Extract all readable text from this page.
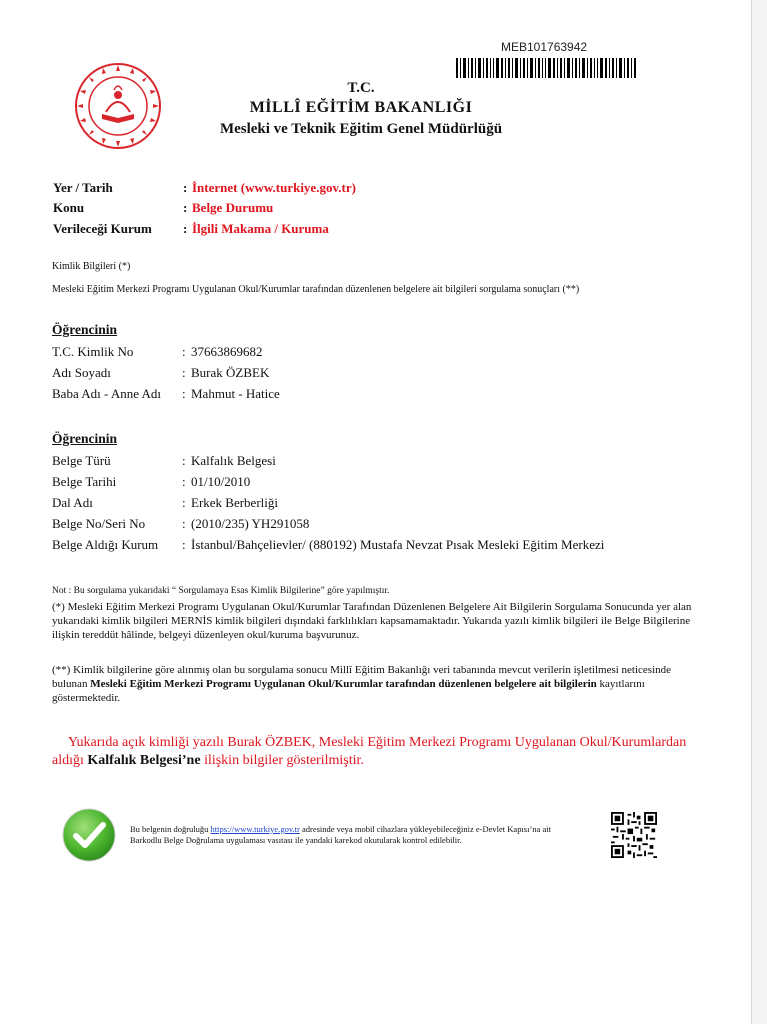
MEB101763942
T.C.
MİLLÎ EĞİTİM BAKANLIĞI
Mesleki ve Teknik Eğitim Genel Müdürlüğü
Yer / Tarih	: İnternet (www.turkiye.gov.tr)
Konu	: Belge Durumu
Verileceği Kurum	: İlgili Makama / Kuruma
Kimlik Bilgileri (*)
Mesleki Eğitim Merkezi Programı Uygulanan Okul/Kurumlar tarafından düzenlenen belgelere ait bilgileri sorgulama sonuçları (**)
Öğrencinin
T.C. Kimlik No	: 37663869682
Adı Soyadı	: Burak ÖZBEK
Baba Adı - Anne Adı	: Mahmut - Hatice
Öğrencinin
Belge Türü	: Kalfalık Belgesi
Belge Tarihi	: 01/10/2010
Dal Adı	: Erkek Berberliği
Belge No/Seri No	: (2010/235) YH291058
Belge Aldığı Kurum	: İstanbul/Bahçelievler/ (880192) Mustafa Nevzat Pısak Mesleki Eğitim Merkezi
Not : Bu sorgulama yukarıdaki “ Sorgulamaya Esas Kimlik Bilgilerine” göre yapılmıştır.
(*) Mesleki Eğitim Merkezi Programı Uygulanan Okul/Kurumlar Tarafından Düzenlenen Belgelere Ait Bilgilerin Sorgulama Sonucunda yer alan yukarıdaki kimlik bilgileri MERNİS kimlik bilgileri dışındaki farklılıkları kapsamamaktadır. Yukarıda yazılı kimlik bilgileri ile Belge Bilgilerine ilişkin tereddüt hâlinde, belgeyi düzenleyen okul/kuruma başvurunuz.
(**) Kimlik bilgilerine göre alınmış olan bu sorgulama sonucu Millî Eğitim Bakanlığı veri tabanında mevcut verilerin işletilmesi neticesinde bulunan Mesleki Eğitim Merkezi Programı Uygulanan Okul/Kurumlar tarafından düzenlenen belgelere ait bilgilerin kayıtlarını göstermektedir.
Yukarıda açık kimliği yazılı Burak ÖZBEK, Mesleki Eğitim Merkezi Programı Uygulanan Okul/Kurumlardan aldığı Kalfalık Belgesi’ne ilişkin bilgiler gösterilmiştir.
Bu belgenin doğruluğu https://www.turkiye.gov.tr adresinde veya mobil cihazlara yükleyebileceğiniz e-Devlet Kapısı’na ait Barkodlu Belge Doğrulama uygulaması vasıtası ile yandaki karekod okutularak kontrol edilebilir.
